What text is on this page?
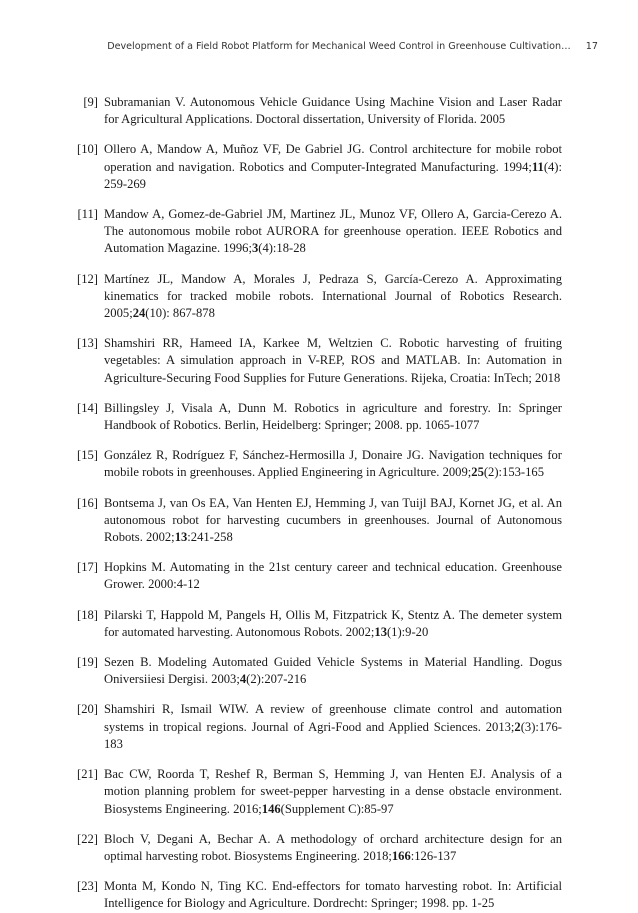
Development of a Field Robot Platform for Mechanical Weed Control in Greenhouse Cultivation… 17
[9] Subramanian V. Autonomous Vehicle Guidance Using Machine Vision and Laser Radar for Agricultural Applications. Doctoral dissertation, University of Florida. 2005
[10] Ollero A, Mandow A, Muñoz VF, De Gabriel JG. Control architecture for mobile robot operation and navigation. Robotics and Computer-Integrated Manufacturing. 1994;11(4): 259-269
[11] Mandow A, Gomez-de-Gabriel JM, Martinez JL, Munoz VF, Ollero A, Garcia-Cerezo A. The autonomous mobile robot AURORA for greenhouse operation. IEEE Robotics and Automation Magazine. 1996;3(4):18-28
[12] Martínez JL, Mandow A, Morales J, Pedraza S, García-Cerezo A. Approximating kinematics for tracked mobile robots. International Journal of Robotics Research. 2005;24(10): 867-878
[13] Shamshiri RR, Hameed IA, Karkee M, Weltzien C. Robotic harvesting of fruiting vegetables: A simulation approach in V-REP, ROS and MATLAB. In: Automation in Agriculture-Securing Food Supplies for Future Generations. Rijeka, Croatia: InTech; 2018
[14] Billingsley J, Visala A, Dunn M. Robotics in agriculture and forestry. In: Springer Handbook of Robotics. Berlin, Heidelberg: Springer; 2008. pp. 1065-1077
[15] González R, Rodríguez F, Sánchez-Hermosilla J, Donaire JG. Navigation techniques for mobile robots in greenhouses. Applied Engineering in Agriculture. 2009;25(2):153-165
[16] Bontsema J, van Os EA, Van Henten EJ, Hemming J, van Tuijl BAJ, Kornet JG, et al. An autonomous robot for harvesting cucumbers in greenhouses. Journal of Autonomous Robots. 2002;13:241-258
[17] Hopkins M. Automating in the 21st century career and technical education. Greenhouse Grower. 2000:4-12
[18] Pilarski T, Happold M, Pangels H, Ollis M, Fitzpatrick K, Stentz A. The demeter system for automated harvesting. Autonomous Robots. 2002;13(1):9-20
[19] Sezen B. Modeling Automated Guided Vehicle Systems in Material Handling. Dogus Oniversiiesi Dergisi. 2003;4(2):207-216
[20] Shamshiri R, Ismail WIW. A review of greenhouse climate control and automation systems in tropical regions. Journal of Agri-Food and Applied Sciences. 2013;2(3):176-183
[21] Bac CW, Roorda T, Reshef R, Berman S, Hemming J, van Henten EJ. Analysis of a motion planning problem for sweet-pepper harvesting in a dense obstacle environment. Biosystems Engineering. 2016;146(Supplement C):85-97
[22] Bloch V, Degani A, Bechar A. A methodology of orchard architecture design for an optimal harvesting robot. Biosystems Engineering. 2018;166:126-137
[23] Monta M, Kondo N, Ting KC. End-effectors for tomato harvesting robot. In: Artificial Intelligence for Biology and Agriculture. Dordrecht: Springer; 1998. pp. 1-25
